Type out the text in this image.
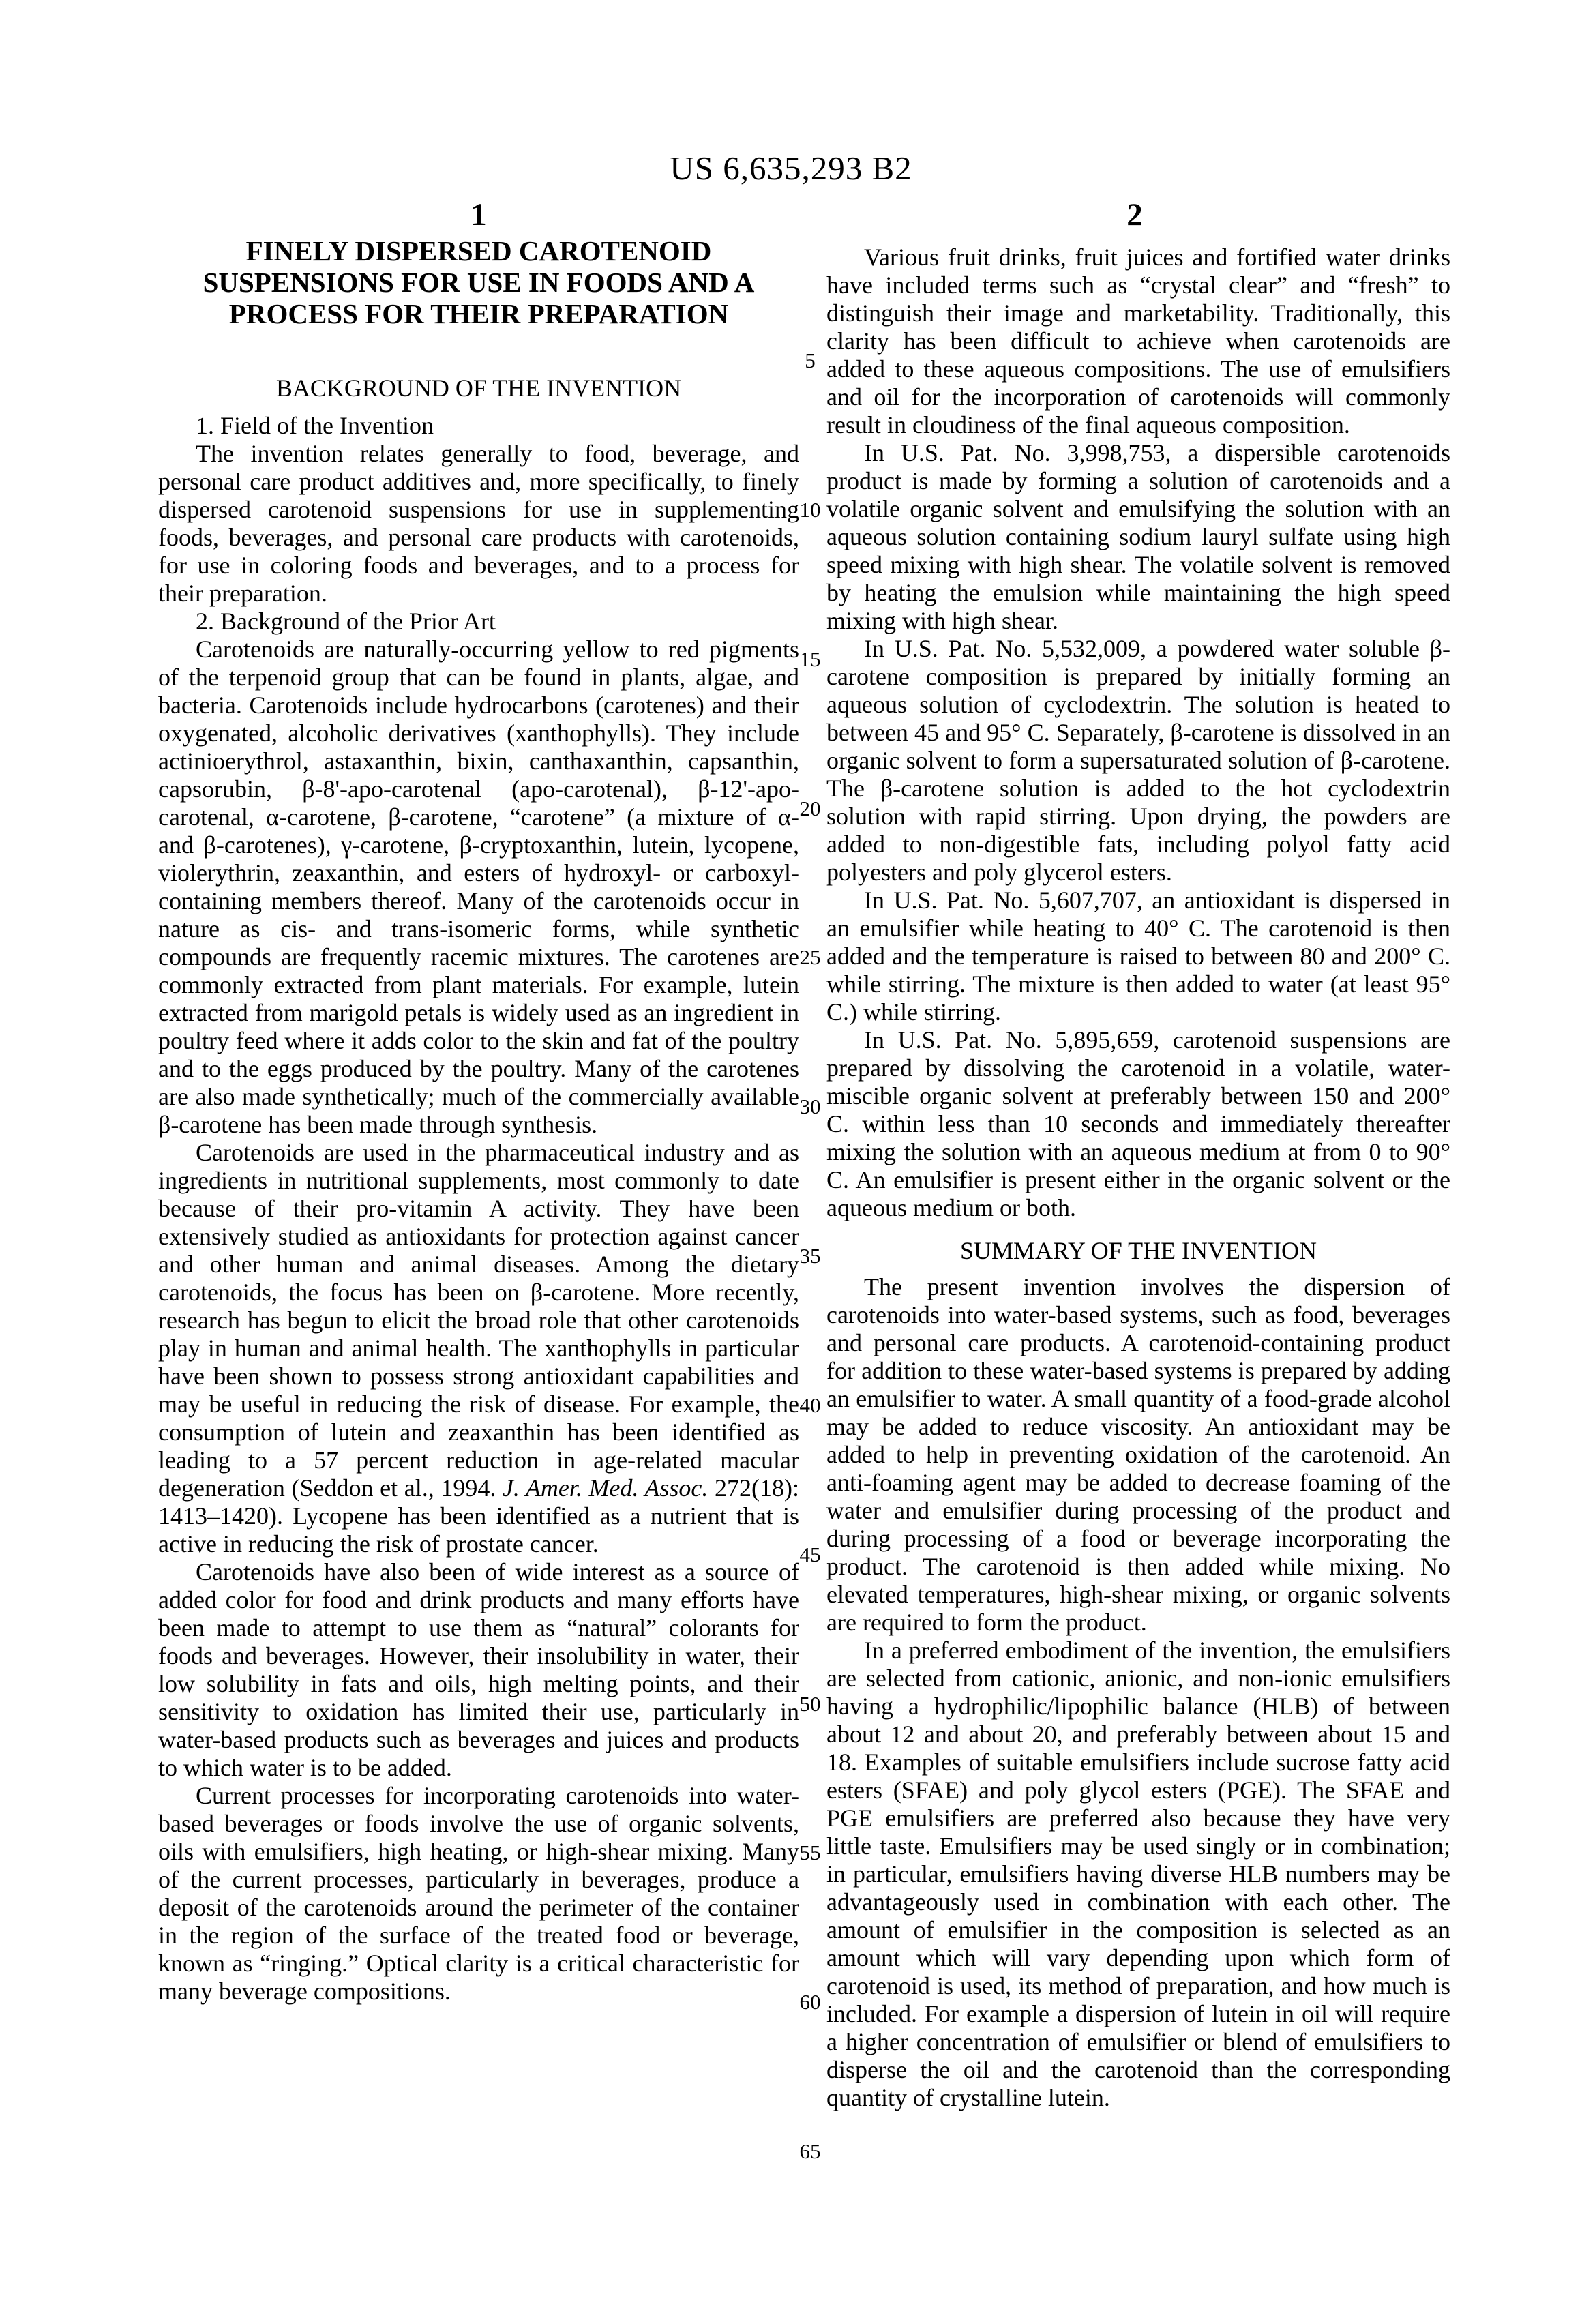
US 6,635,293 B2
1	2
FINELY DISPERSED CAROTENOID
SUSPENSIONS FOR USE IN FOODS AND A
PROCESS FOR THEIR PREPARATION
BACKGROUND OF THE INVENTION
1. Field of the Invention

The invention relates generally to food, beverage, and personal care product additives and, more specifically, to finely dispersed carotenoid suspensions for use in supplementing foods, beverages, and personal care products with carotenoids, for use in coloring foods and beverages, and to a process for their preparation.

2. Background of the Prior Art

Carotenoids are naturally-occurring yellow to red pigments of the terpenoid group that can be found in plants, algae, and bacteria. Carotenoids include hydrocarbons (carotenes) and their oxygenated, alcoholic derivatives (xanthophylls). They include actinioerythrol, astaxanthin, bixin, canthaxanthin, capsanthin, capsorubin, β-8'-apo-carotenal (apo-carotenal), β-12'-apo-carotenal, α-carotene, β-carotene, “carotene” (a mixture of α- and β-carotenes), γ-carotene, β-cryptoxanthin, lutein, lycopene, violerythrin, zeaxanthin, and esters of hydroxyl- or carboxyl-containing members thereof. Many of the carotenoids occur in nature as cis- and trans-isomeric forms, while synthetic compounds are frequently racemic mixtures. The carotenes are commonly extracted from plant materials. For example, lutein extracted from marigold petals is widely used as an ingredient in poultry feed where it adds color to the skin and fat of the poultry and to the eggs produced by the poultry. Many of the carotenes are also made synthetically; much of the commercially available β-carotene has been made through synthesis.

Carotenoids are used in the pharmaceutical industry and as ingredients in nutritional supplements, most commonly to date because of their pro-vitamin A activity. They have been extensively studied as antioxidants for protection against cancer and other human and animal diseases. Among the dietary carotenoids, the focus has been on β-carotene. More recently, research has begun to elicit the broad role that other carotenoids play in human and animal health. The xanthophylls in particular have been shown to possess strong antioxidant capabilities and may be useful in reducing the risk of disease. For example, the consumption of lutein and zeaxanthin has been identified as leading to a 57 percent reduction in age-related macular degeneration (Seddon et al., 1994. J. Amer. Med. Assoc. 272(18): 1413–1420). Lycopene has been identified as a nutrient that is active in reducing the risk of prostate cancer.

Carotenoids have also been of wide interest as a source of added color for food and drink products and many efforts have been made to attempt to use them as “natural” colorants for foods and beverages. However, their insolubility in water, their low solubility in fats and oils, high melting points, and their sensitivity to oxidation has limited their use, particularly in water-based products such as beverages and juices and products to which water is to be added.

Current processes for incorporating carotenoids into water-based beverages or foods involve the use of organic solvents, oils with emulsifiers, high heating, or high-shear mixing. Many of the current processes, particularly in beverages, produce a deposit of the carotenoids around the perimeter of the container in the region of the surface of the treated food or beverage, known as “ringing.” Optical clarity is a critical characteristic for many beverage compositions.

Various fruit drinks, fruit juices and fortified water drinks have included terms such as “crystal clear” and “fresh” to distinguish their image and marketability. Traditionally, this clarity has been difficult to achieve when carotenoids are added to these aqueous compositions. The use of emulsifiers and oil for the incorporation of carotenoids will commonly result in cloudiness of the final aqueous composition.

In U.S. Pat. No. 3,998,753, a dispersible carotenoids product is made by forming a solution of carotenoids and a volatile organic solvent and emulsifying the solution with an aqueous solution containing sodium lauryl sulfate using high speed mixing with high shear. The volatile solvent is removed by heating the emulsion while maintaining the high speed mixing with high shear.

In U.S. Pat. No. 5,532,009, a powdered water soluble β-carotene composition is prepared by initially forming an aqueous solution of cyclodextrin. The solution is heated to between 45 and 95° C. Separately, β-carotene is dissolved in an organic solvent to form a supersaturated solution of β-carotene. The β-carotene solution is added to the hot cyclodextrin solution with rapid stirring. Upon drying, the powders are added to non-digestible fats, including polyol fatty acid polyesters and poly glycerol esters.

In U.S. Pat. No. 5,607,707, an antioxidant is dispersed in an emulsifier while heating to 40° C. The carotenoid is then added and the temperature is raised to between 80 and 200° C. while stirring. The mixture is then added to water (at least 95° C.) while stirring.

In U.S. Pat. No. 5,895,659, carotenoid suspensions are prepared by dissolving the carotenoid in a volatile, water-miscible organic solvent at preferably between 150 and 200° C. within less than 10 seconds and immediately thereafter mixing the solution with an aqueous medium at from 0 to 90° C. An emulsifier is present either in the organic solvent or the aqueous medium or both.

SUMMARY OF THE INVENTION

The present invention involves the dispersion of carotenoids into water-based systems, such as food, beverages and personal care products. A carotenoid-containing product for addition to these water-based systems is prepared by adding an emulsifier to water. A small quantity of a food-grade alcohol may be added to reduce viscosity. An antioxidant may be added to help in preventing oxidation of the carotenoid. An anti-foaming agent may be added to decrease foaming of the water and emulsifier during processing of the product and during processing of a food or beverage incorporating the product. The carotenoid is then added while mixing. No elevated temperatures, high-shear mixing, or organic solvents are required to form the product.

In a preferred embodiment of the invention, the emulsifiers are selected from cationic, anionic, and non-ionic emulsifiers having a hydrophilic/lipophilic balance (HLB) of between about 12 and about 20, and preferably between about 15 and 18. Examples of suitable emulsifiers include sucrose fatty acid esters (SFAE) and poly glycol esters (PGE). The SFAE and PGE emulsifiers are preferred also because they have very little taste. Emulsifiers may be used singly or in combination; in particular, emulsifiers having diverse HLB numbers may be advantageously used in combination with each other. The amount of emulsifier in the composition is selected as an amount which will vary depending upon which form of carotenoid is used, its method of preparation, and how much is included. For example a dispersion of lutein in oil will require a higher concentration of emulsifier or blend of emulsifiers to disperse the oil and the carotenoid than the corresponding quantity of crystalline lutein.

5
10
15
20
25
30
35
40
45
50
55
60
65
